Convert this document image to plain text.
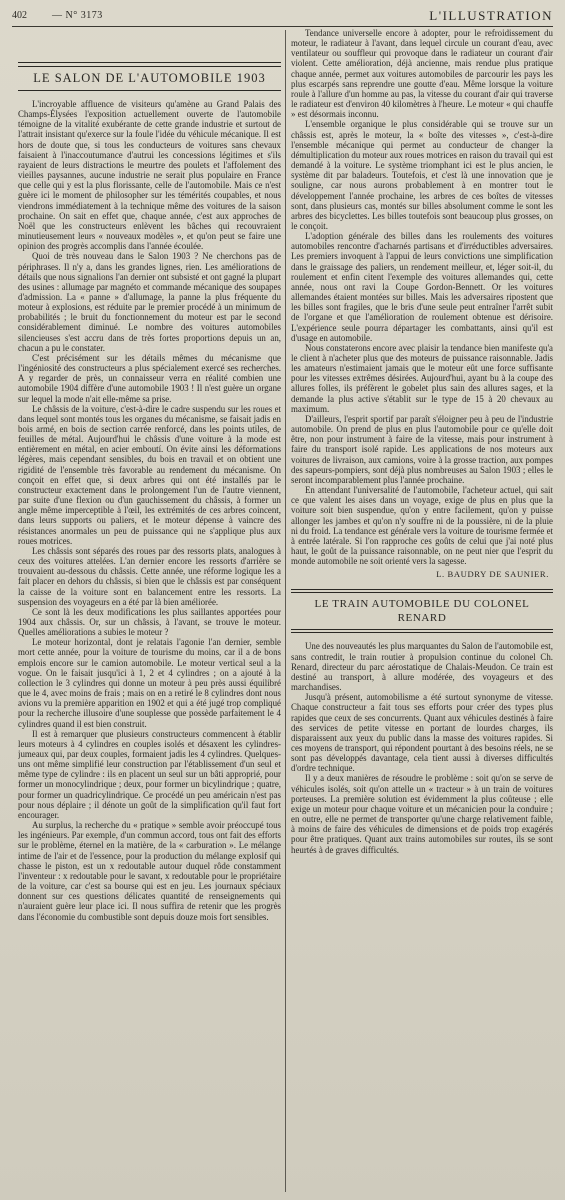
402	— N° 3173	L'ILLUSTRATION
LE SALON DE L'AUTOMOBILE 1903

L'incroyable affluence de visiteurs qu'amène au Grand Palais des Champs-Élysées l'exposition actuellement ouverte de l'automobile témoigne de la vitalité exubérante de cette grande industrie et surtout de l'attrait insistant qu'exerce sur la foule l'idée du véhicule mécanique. Il est hors de doute que, si tous les conducteurs de voitures sans chevaux faisaient à l'inaccoutumance d'autrui les concessions légitimes et s'ils rayaient de leurs distractions le meurtre des poulets et l'affolement des vieilles paysannes, aucune industrie ne serait plus populaire en France que celle qui y est la plus florissante, celle de l'automobile. Mais ce n'est guère ici le moment de philosopher sur les témérités coupables, et nous viendrons immédiatement à la technique même des voitures de la saison prochaine. On sait en effet que, chaque année, c'est aux approches de Noël que les constructeurs enlèvent les bâches qui recouvraient minutieusement leurs « nouveaux modèles », et qu'on peut se faire une opinion des progrès accomplis dans l'année écoulée.

Quoi de très nouveau dans le Salon 1903 ? Ne cherchons pas de périphrases. Il n'y a, dans les grandes lignes, rien. Les améliorations de détails que nous signalions l'an dernier ont subsisté et ont gagné la plupart des usines : allumage par magnéto et commande mécanique des soupapes d'admission. La « panne » d'allumage, la panne la plus fréquente du moteur à explosions, est réduite par le premier procédé à un minimum de probabilités ; le bruit du fonctionnement du moteur est par le second considérablement diminué. Le nombre des voitures automobiles silencieuses s'est accru dans de très fortes proportions depuis un an, chacun a pu le constater.

C'est précisément sur les détails mêmes du mécanisme que l'ingéniosité des constructeurs a plus spécialement exercé ses recherches. A y regarder de près, un connaisseur verra en réalité combien une automobile 1904 diffère d'une automobile 1903 ! Il n'est guère un organe sur lequel la mode n'ait elle-même sa prise.

Le châssis de la voiture, c'est-à-dire le cadre suspendu sur les roues et dans lequel sont montés tous les organes du mécanisme, se faisait jadis en bois armé, en bois de section carrée renforcé, dans les points utiles, de feuilles de métal. Aujourd'hui le châssis d'une voiture à la mode est entièrement en métal, en acier emboutí. On évite ainsi les déformations légères, mais cependant sensibles, du bois en travail et on obtient une rigidité de l'ensemble très favorable au rendement du mécanisme. On conçoit en effet que, si deux arbres qui ont été installés par le constructeur exactement dans le prolongement l'un de l'autre viennent, par suite d'une flexion ou d'un gauchissement du châssis, à former un angle même imperceptible à l'œil, les extrémités de ces arbres coincent, dans leurs supports ou paliers, et le moteur dépense à vaincre des résistances anormales un peu de puissance qui ne s'applique plus aux roues motrices.

Les châssis sont séparés des roues par des ressorts plats, analogues à ceux des voitures attelées. L'an dernier encore les ressorts d'arrière se trouvaient au-dessous du châssis. Cette année, une réforme logique les a fait placer en dehors du châssis, si bien que le châssis est par conséquent la caisse de la voiture sont en balancement entre les ressorts. La suspension des voyageurs en a été par là bien améliorée.

Ce sont là les deux modifications les plus saillantes apportées pour 1904 aux châssis. Or, sur un châssis, à l'avant, se trouve le moteur. Quelles améliorations a subies le moteur ?

Le moteur horizontal, dont je relatais l'agonie l'an dernier, semble mort cette année, pour la voiture de tourisme du moins, car il a de bons emplois encore sur le camion automobile. Le moteur vertical seul a la vogue. On le faisait jusqu'ici à 1, 2 et 4 cylindres ; on a ajouté à la collection le 3 cylindres qui donne un moteur à peu près aussi équilibré que le 4, avec moins de frais ; mais on en a retiré le 8 cylindres dont nous avions vu la première apparition en 1902 et qui a été jugé trop compliqué pour la recherche illusoire d'une souplesse que possède parfaitement le 4 cylindres quand il est bien construit.

Il est à remarquer que plusieurs constructeurs commencent à établir leurs moteurs à 4 cylindres en couples isolés et désaxent les cylindres-jumeaux qui, par deux couples, formaient jadis les 4 cylindres. Quelques-uns ont même simplifié leur construction par l'établissement d'un seul et même type de cylindre : ils en placent un seul sur un bâti approprié, pour former un monocylindrique ; deux, pour former un bicylindrique ; quatre, pour former un quadricylindrique. Ce procédé un peu américain n'est pas pour nous déplaire ; il dénote un goût de la simplification qu'il faut fort encourager.

Au surplus, la recherche du « pratique » semble avoir préoccupé tous les ingénieurs. Par exemple, d'un commun accord, tous ont fait des efforts sur le problème, éternel en la matière, de la « carburation ». Le mélange intime de l'air et de l'essence, pour la production du mélange explosif qui chasse le piston, est un x redoutable autour duquel rôde constamment l'inventeur : x redoutable pour le savant, x redoutable pour le propriétaire de la voiture, car c'est sa bourse qui est en jeu. Les journaux spéciaux donnent sur ces questions délicates quantité de renseignements qui n'auraient guère leur place ici. Il nous suffira de retenir que les progrès dans l'économie du combustible sont depuis douze mois fort sensibles.

Tendance universelle encore à adopter, pour le refroidissement du moteur, le radiateur à l'avant, dans lequel circule un courant d'eau, avec ventilateur ou souffleur qui provoque dans le radiateur un courant d'air violent. Cette amélioration, déjà ancienne, mais rendue plus pratique chaque année, permet aux voitures automobiles de parcourir les pays les plus escarpés sans reprendre une goutte d'eau. Même lorsque la voiture roule à l'allure d'un homme au pas, la vitesse du courant d'air qui traverse le radiateur est d'environ 40 kilomètres à l'heure. Le moteur « qui chauffe » est désormais inconnu.

L'ensemble organique le plus considérable qui se trouve sur un châssis est, après le moteur, la « boîte des vitesses », c'est-à-dire l'ensemble mécanique qui permet au conducteur de changer la démultiplication du moteur aux roues motrices en raison du travail qui est demandé à la voiture. Le système triomphant ici est le plus ancien, le système dit par baladeurs. Toutefois, et c'est là une innovation que je souligne, car nous aurons probablement à en montrer tout le développement l'année prochaine, les arbres de ces boîtes de vitesses sont, dans plusieurs cas, montés sur billes absolument comme le sont les arbres des bicyclettes. Les billes toutefois sont beaucoup plus grosses, on le conçoit.

L'adoption générale des billes dans les roulements des voitures automobiles rencontre d'acharnés partisans et d'irréductibles adversaires. Les premiers invoquent à l'appui de leurs convictions une simplification dans le graissage des paliers, un rendement meilleur, et, léger soit-il, du roulement et enfin citent l'exemple des voitures allemandes qui, cette année, nous ont ravi la Coupe Gordon-Bennett. Or les voitures allemandes étaient montées sur billes. Mais les adversaires ripostent que les billes sont fragiles, que le bris d'une seule peut entraîner l'arrêt subit de l'organe et que l'amélioration de roulement obtenue est dérisoire. L'expérience seule pourra départager les combattants, ainsi qu'il est d'usage en automobile.

Nous constaterons encore avec plaisir la tendance bien manifeste qu'a le client à n'acheter plus que des moteurs de puissance raisonnable. Jadis les amateurs n'estimaient jamais que le moteur eût une force suffisante pour les vitesses extrêmes désirées. Aujourd'hui, ayant bu à la coupe des allures folles, ils préfèrent le gobelet plus sain des allures sages, et la demande la plus active s'établit sur le type de 15 à 20 chevaux au maximum.

D'ailleurs, l'esprit sportif par paraît s'éloigner peu à peu de l'industrie automobile. On prend de plus en plus l'automobile pour ce qu'elle doit être, non pour instrument à faire de la vitesse, mais pour instrument à faire du transport isolé rapide. Les applications de nos moteurs aux voitures de livraison, aux camions, voire à la grosse traction, aux pompes des sapeurs-pompiers, sont déjà plus nombreuses au Salon 1903 ; elles le seront incomparablement plus l'année prochaine.

En attendant l'universalité de l'automobile, l'acheteur actuel, qui sait ce que valent les aises dans un voyage, exige de plus en plus que la voiture soit bien suspendue, qu'on y entre facilement, qu'on y puisse allonger les jambes et qu'on n'y souffre ni de la poussière, ni de la pluie ni du froid. La tendance est générale vers la voiture de tourisme fermée et à entrée latérale. Si l'on rapproche ces goûts de celui que j'ai noté plus haut, le goût de la puissance raisonnable, on ne peut nier que l'esprit du monde automobile ne soit orienté vers la sagesse.

L. BAUDRY DE SAUNIER.
LE TRAIN AUTOMOBILE DU COLONEL RENARD

Une des nouveautés les plus marquantes du Salon de l'automobile est, sans contredit, le train routier à propulsion continue du colonel Ch. Renard, directeur du parc aérostatique de Chalais-Meudon. Ce train est destiné au transport, à allure modérée, des voyageurs et des marchandises.

Jusqu'à présent, automobilisme a été surtout synonyme de vitesse. Chaque constructeur a fait tous ses efforts pour créer des types plus rapides que ceux de ses concurrents. Quant aux véhicules destinés à faire des services de petite vitesse en portant de lourdes charges, ils disparaissent aux yeux du public dans la masse des voitures rapides. Si ces moyens de transport, qui répondent pourtant à des besoins réels, ne se sont pas développés davantage, cela tient aussi à diverses difficultés d'ordre technique.

Il y a deux manières de résoudre le problème : soit qu'on se serve de véhicules isolés, soit qu'on attelle un « tracteur » à un train de voitures porteuses. La première solution est évidemment la plus coûteuse ; elle exige un moteur pour chaque voiture et un mécanicien pour la conduire ; en outre, elle ne permet de transporter qu'une charge relativement faible, à moins de faire des véhicules de dimensions et de poids trop exagérés pour être pratiques. Quant aux trains automobiles sur routes, ils se sont heurtés à de graves difficultés.
